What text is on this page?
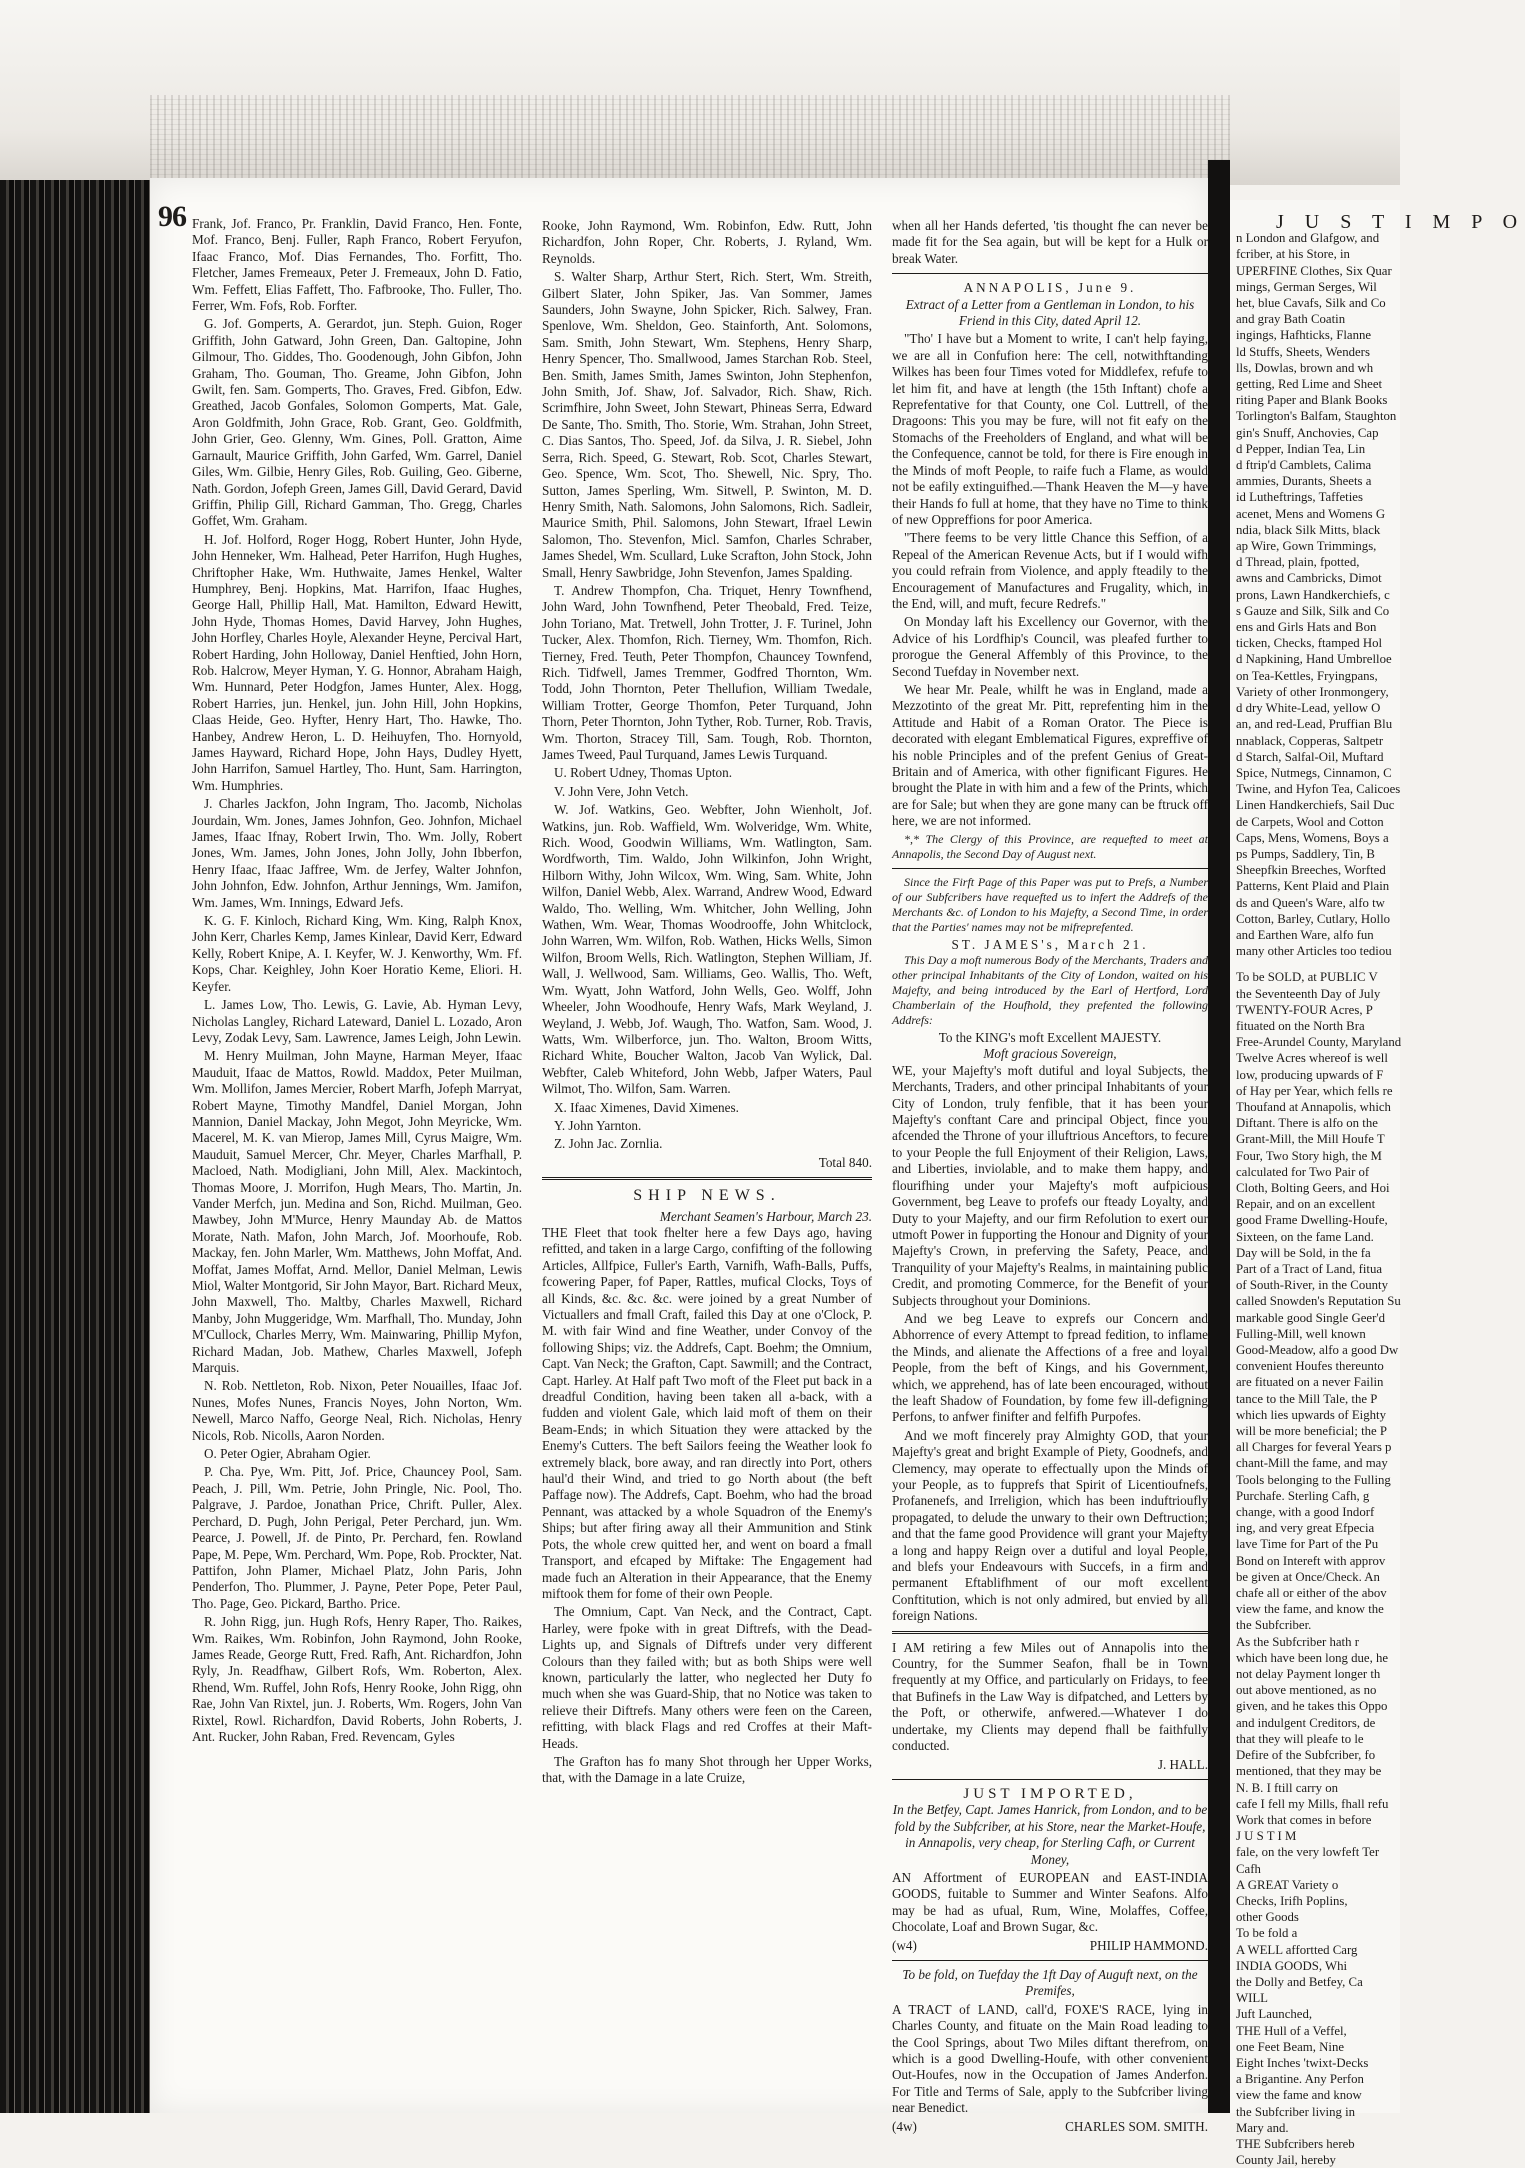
96 Frank, Jof. Franco, Pr. Franklin, David Franco, Hen. Fonte, Mof. Franco, Benj. Fuller, Raph Franco, Robert Feryufon, Ifaac Franco, Mof. Dias Fernandes, Tho. Forfitt, Tho. Fletcher, James Fremeaux, Peter J. Fremeaux, John D. Fatio, Wm. Feffett, Elias Faffett, Tho. Fafbrooke, Tho. Fuller, Tho. Ferrer, Wm. Fofs, Rob. Forfter.

G. Jof. Gomperts, A. Gerardot, jun. Steph. Guion, Roger Griffith, John Gatward, John Green, Dan. Galtopine, John Gilmour, Tho. Giddes, Tho. Goodenough, John Gibfon, John Graham, Tho. Gouman, Tho. Greame, John Gibfon, John Gwilt, fen. Sam. Gomperts, Tho. Graves, Fred. Gibfon, Edw. Greathed, Jacob Gonfales, Solomon Gomperts, Mat. Gale, Aron Goldfmith, John Grace, Rob. Grant, Geo. Goldfmith, John Grier, Geo. Glenny, Wm. Gines, Poll. Gratton, Aime Garnault, Maurice Griffith, John Garfed, Wm. Garrel, Daniel Giles, Wm. Gilbie, Henry Giles, Rob. Guiling, Geo. Giberne, Nath. Gordon, Jofeph Green, James Gill, David Gerard, David Griffin, Philip Gill, Richard Gamman, Tho. Gregg, Charles Goffet, Wm. Graham.

H. Jof. Holford, Roger Hogg, Robert Hunter, John Hyde, John Henneker, Wm. Halhead, Peter Harrifon, Hugh Hughes, Chriftopher Hake, Wm. Huthwaite, James Henkel, Walter Humphrey, Benj. Hopkins, Mat. Harrifon, Ifaac Hughes, George Hall, Phillip Hall, Mat. Hamilton, Edward Hewitt, John Hyde, Thomas Homes, David Harvey, John Hughes, John Horfley, Charles Hoyle, Alexander Heyne, Percival Hart, Robert Harding, John Holloway, Daniel Henftied, John Horn, Rob. Halcrow, Meyer Hyman, Y. G. Honnor, Abraham Haigh, Wm. Hunnard, Peter Hodgfon, James Hunter, Alex. Hogg, Robert Harries, jun. Henkel, jun. John Hill, John Hopkins, Claas Heide, Geo. Hyfter, Henry Hart, Tho. Hawke, Tho. Hanbey, Andrew Heron, L. D. Heihuyfen, Tho. Hornyold, James Hayward, Richard Hope, John Hays, Dudley Hyett, John Harrifon, Samuel Hartley, Tho. Hunt, Sam. Harrington, Wm. Humphries.

J. Charles Jackfon, John Ingram, Tho. Jacomb, Nicholas Jourdain, Wm. Jones, James Johnfon, Geo. Johnfon, Michael James, Ifaac Ifnay, Robert Irwin, Tho. Wm. Jolly, Robert Jones, Wm. James, John Jones, John Jolly, John Ibberfon, Henry Ifaac, Ifaac Jaffree, Wm. de Jerfey, Walter Johnfon, John Johnfon, Edw. Johnfon, Arthur Jennings, Wm. Jamifon, Wm. James, Wm. Innings, Edward Jefs.

K. G. F. Kinloch, Richard King, Wm. King, Ralph Knox, John Kerr, Charles Kemp, James Kinlear, David Kerr, Edward Kelly, Robert Knipe, A. I. Keyfer, W. J. Kenworthy, Wm. Ff. Kops, Char. Keighley, John Koer Horatio Keme, Eliori. H. Keyfer.

L. James Low, Tho. Lewis, G. Lavie, Ab. Hyman Levy, Nicholas Langley, Richard Lateward, Daniel L. Lozado, Aron Levy, Zodak Levy, Sam. Lawrence, James Leigh, John Lewin.

M. Henry Muilman, John Mayne, Harman Meyer, Ifaac Mauduit, Ifaac de Mattos, Rowld. Maddox, Peter Muilman, Wm. Mollifon, James Mercier, Robert Marfh, Jofeph Marryat, Robert Mayne, Timothy Mandfel, Daniel Morgan, John Mannion, Daniel Mackay, John Megot, John Meyricke, Wm. Macerel, M. K. van Mierop, James Mill, Cyrus Maigre, Wm. Mauduit, Samuel Mercer, Chr. Meyer, Charles Marfhall, P. Macloed, Nath. Modigliani, John Mill, Alex. Mackintoch, Thomas Moore, J. Morrifon, Hugh Mears, Tho. Martin, Jn. Vander Merfch, jun. Medina and Son, Richd. Muilman, Geo. Mawbey, John M'Murce, Henry Maunday Ab. de Mattos Morate, Nath. Mafon, John March, Jof. Moorhoufe, Rob. Mackay, fen. John Marler, Wm. Matthews, John Moffat, And. Moffat, James Moffat, Arnd. Mellor, Daniel Melman, Lewis Miol, Walter Montgorid, Sir John Mayor, Bart. Richard Meux, John Maxwell, Tho. Maltby, Charles Maxwell, Richard Manby, John Muggeridge, Wm. Marfhall, Tho. Munday, John M'Cullock, Charles Merry, Wm. Mainwaring, Phillip Myfon, Richard Madan, Job. Mathew, Charles Maxwell, Jofeph Marquis.

N. Rob. Nettleton, Rob. Nixon, Peter Nouailles, Ifaac Jof. Nunes, Mofes Nunes, Francis Noyes, John Norton, Wm. Newell, Marco Naffo, George Neal, Rich. Nicholas, Henry Nicols, Rob. Nicolls, Aaron Norden.

O. Peter Ogier, Abraham Ogier.

P. Cha. Pye, Wm. Pitt, Jof. Price, Chauncey Pool, Sam. Peach, J. Pill, Wm. Petrie, John Pringle, Nic. Pool, Tho. Palgrave, J. Pardoe, Jonathan Price, Chrift. Puller, Alex. Perchard, D. Pugh, John Perigal, Peter Perchard, jun. Wm. Pearce, J. Powell, Jf. de Pinto, Pr. Perchard, fen. Rowland Pape, M. Pepe, Wm. Perchard, Wm. Pope, Rob. Prockter, Nat. Pattifon, John Plamer, Michael Platz, John Paris, John Penderfon, Tho. Plummer, J. Payne, Peter Pope, Peter Paul, Tho. Page, Geo. Pickard, Bartho. Price.

R. John Rigg, jun. Hugh Rofs, Henry Raper, Tho. Raikes, Wm. Raikes, Wm. Robinfon, John Raymond, John Rooke, James Reade, George Rutt, Fred. Rafh, Ant. Richardfon, John Ryly, Jn. Readfhaw, Gilbert Rofs, Wm. Roberton, Alex. Rhend, Wm. Ruffel, John Rofs, Henry Rooke, John Rigg, ohn Rae, John Van Rixtel, jun. J. Roberts, Wm. Rogers, John Van Rixtel, Rowl. Richardfon, David Roberts, John Roberts, J. Ant. Rucker, John Raban, Fred. Revencam, Gyles

Rooke, John Raymond, Wm. Robinfon, Edw. Rutt, John Richardfon, John Roper, Chr. Roberts, J. Ryland, Wm. Reynolds.

S. Walter Sharp, Arthur Stert, Rich. Stert, Wm. Streith, Gilbert Slater, John Spiker, Jas. Van Sommer, James Saunders, John Swayne, John Spicker, Rich. Salwey, Fran. Spenlove, Wm. Sheldon, Geo. Stainforth, Ant. Solomons, Sam. Smith, John Stewart, Wm. Stephens, Henry Sharp, Henry Spencer, Tho. Smallwood, James Starchan Rob. Steel, Ben. Smith, James Smith, James Swinton, John Stephenfon, John Smith, Jof. Shaw, Jof. Salvador, Rich. Shaw, Rich. Scrimfhire, John Sweet, John Stewart, Phineas Serra, Edward De Sante, Tho. Smith, Tho. Storie, Wm. Strahan, John Street, C. Dias Santos, Tho. Speed, Jof. da Silva, J. R. Siebel, John Serra, Rich. Speed, G. Stewart, Rob. Scot, Charles Stewart, Geo. Spence, Wm. Scot, Tho. Shewell, Nic. Spry, Tho. Sutton, James Sperling, Wm. Sitwell, P. Swinton, M. D. Henry Smith, Nath. Salomons, John Salomons, Rich. Sadleir, Maurice Smith, Phil. Salomons, John Stewart, Ifrael Lewin Salomon, Tho. Stevenfon, Micl. Samfon, Charles Schraber, James Shedel, Wm. Scullard, Luke Scrafton, John Stock, John Small, Henry Sawbridge, John Stevenfon, James Spalding.

T. Andrew Thompfon, Cha. Triquet, Henry Townfhend, John Ward, John Townfhend, Peter Theobald, Fred. Teize, John Toriano, Mat. Tretwell, John Trotter, J. F. Turinel, John Tucker, Alex. Thomfon, Rich. Tierney, Wm. Thomfon, Rich. Tierney, Fred. Teuth, Peter Thompfon, Chauncey Townfend, Rich. Tidfwell, James Tremmer, Godfred Thornton, Wm. Todd, John Thornton, Peter Thellufion, William Twedale, William Trotter, George Thomfon, Peter Turquand, John Thorn, Peter Thornton, John Tyther, Rob. Turner, Rob. Travis, Wm. Thorton, Stracey Till, Sam. Tough, Rob. Thornton, James Tweed, Paul Turquand, James Lewis Turquand.

U. Robert Udney, Thomas Upton.

V. John Vere, John Vetch.

W. Jof. Watkins, Geo. Webfter, John Wienholt, Jof. Watkins, jun. Rob. Waffield, Wm. Wolveridge, Wm. White, Rich. Wood, Goodwin Williams, Wm. Watlington, Sam. Wordfworth, Tim. Waldo, John Wilkinfon, John Wright, Hilborn Withy, John Wilcox, Wm. Wing, Sam. White, John Wilfon, Daniel Webb, Alex. Warrand, Andrew Wood, Edward Waldo, Tho. Welling, Wm. Whitcher, John Welling, John Wathen, Wm. Wear, Thomas Woodrooffe, John Whitclock, John Warren, Wm. Wilfon, Rob. Wathen, Hicks Wells, Simon Wilfon, Broom Wells, Rich. Watlington, Stephen William, Jf. Wall, J. Wellwood, Sam. Williams, Geo. Wallis, Tho. Weft, Wm. Wyatt, John Watford, John Wells, Geo. Wolff, John Wheeler, John Woodhoufe, Henry Wafs, Mark Weyland, J. Weyland, J. Webb, Jof. Waugh, Tho. Watfon, Sam. Wood, J. Watts, Wm. Wilberforce, jun. Tho. Walton, Broom Witts, Richard White, Boucher Walton, Jacob Van Wylick, Dal. Webfter, Caleb Whiteford, John Webb, Jafper Waters, Paul Wilmot, Tho. Wilfon, Sam. Warren.

X. Ifaac Ximenes, David Ximenes.

Y. John Yarnton.

Z. John Jac. Zornlia.

Total 840.
SHIP NEWS.
Merchant Seamen's Harbour, March 23.

THE Fleet that took fhelter here a few Days ago, having refitted, and taken in a large Cargo, confifting of the following Articles, Allfpice, Fuller's Earth, Varnifh, Wafh-Balls, Puffs, fcowering Paper, fof Paper, Rattles, mufical Clocks, Toys of all Kinds, &c. &c. &c. were joined by a great Number of Victuallers and fmall Craft, failed this Day at one o'Clock, P. M. with fair Wind and fine Weather, under Convoy of the following Ships; viz. the Addrefs, Capt. Boehm; the Omnium, Capt. Van Neck; the Grafton, Capt. Sawmill; and the Contract, Capt. Harley. At Half paft Two moft of the Fleet put back in a dreadful Condition, having been taken all a-back, with a fudden and violent Gale, which laid moft of them on their Beam-Ends; in which Situation they were attacked by the Enemy's Cutters. The beft Sailors feeing the Weather look fo extremely black, bore away, and ran directly into Port, others haul'd their Wind, and tried to go North about (the beft Paffage now). The Addrefs, Capt. Boehm, who had the broad Pennant, was attacked by a whole Squadron of the Enemy's Ships; but after firing away all their Ammunition and Stink Pots, the whole crew quitted her, and went on board a fmall Transport, and efcaped by Miftake: The Engagement had made fuch an Alteration in their Appearance, that the Enemy miftook them for fome of their own People.

The Omnium, Capt. Van Neck, and the Contract, Capt. Harley, were fpoke with in great Diftrefs, with the Dead-Lights up, and Signals of Diftrefs under very different Colours than they failed with; but as both Ships were well known, particularly the latter, who neglected her Duty fo much when she was Guard-Ship, that no Notice was taken to relieve their Diftrefs. Many others were feen on the Careen, refitting, with black Flags and red Croffes at their Maft-Heads.

The Grafton has fo many Shot through her Upper Works, that, with the Damage in a late Cruize,

when all her Hands deferted, 'tis thought fhe can never be made fit for the Sea again, but will be kept for a Hulk or break Water.

ANNAPOLIS, June 9.

Extract of a Letter from a Gentleman in London, to his Friend in this City, dated April 12.

"Tho' I have but a Moment to write, I can't help faying, we are all in Confufion here: The cell, notwithftanding Wilkes has been four Times voted for Middlefex, refufe to let him fit, and have at length (the 15th Inftant) chofe a Reprefentative for that County, one Col. Luttrell, of the Dragoons: This you may be fure, will not fit eafy on the Stomachs of the Freeholders of England, and what will be the Confequence, cannot be told, for there is Fire enough in the Minds of moft People, to raife fuch a Flame, as would not be eafily extinguifhed.—Thank Heaven the M—y have their Hands fo full at home, that they have no Time to think of new Oppreffions for poor America.

"There feems to be very little Chance this Seffion, of a Repeal of the American Revenue Acts, but if I would wifh you could refrain from Violence, and apply fteadily to the Encouragement of Manufactures and Frugality, which, in the End, will, and muft, fecure Redrefs."

On Monday laft his Excellency our Governor, with the Advice of his Lordfhip's Council, was pleafed further to prorogue the General Affembly of this Province, to the Second Tuefday in November next.

We hear Mr. Peale, whilft he was in England, made a Mezzotinto of the great Mr. Pitt, reprefenting him in the Attitude and Habit of a Roman Orator. The Piece is decorated with elegant Emblematical Figures, expreffive of his noble Principles and of the prefent Genius of Great-Britain and of America, with other fignificant Figures. He brought the Plate in with him and a few of the Prints, which are for Sale; but when they are gone many can be ftruck off here, we are not informed.

*,* The Clergy of this Province, are requefted to meet at Annapolis, the Second Day of August next.

Since the Firft Page of this Paper was put to Prefs, a Number of our Subfcribers have requefted us to infert the Addrefs of the Merchants &c. of London to his Majefty, a Second Time, in order that the Parties' names may not be mifreprefented.

ST. JAMES's, March 21.

This Day a moft numerous Body of the Merchants, Traders and other principal Inhabitants of the City of London, waited on his Majefty, and being introduced by the Earl of Hertford, Lord Chamberlain of the Houfhold, they prefented the following Addrefs:

To the KING's moft Excellent MAJESTY.
Moft gracious Sovereign,

WE, your Majefty's moft dutiful and loyal Subjects, the Merchants, Traders, and other principal Inhabitants of your City of London, truly fenfible, that it has been your Majefty's conftant Care and principal Object, fince you afcended the Throne of your illuftrious Anceftors, to fecure to your People the full Enjoyment of their Religion, Laws, and Liberties, inviolable, and to make them happy, and flourifhing under your Majefty's moft aufpicious Government, beg Leave to profefs our fteady Loyalty, and Duty to your Majefty, and our firm Refolution to exert our utmoft Power in fupporting the Honour and Dignity of your Majefty's Crown, in preferving the Safety, Peace, and Tranquility of your Majefty's Realms, in maintaining public Credit, and promoting Commerce, for the Benefit of your Subjects throughout your Dominions.

And we beg Leave to exprefs our Concern and Abhorrence of every Attempt to fpread fedition, to inflame the Minds, and alienate the Affections of a free and loyal People, from the beft of Kings, and his Government, which, we apprehend, has of late been encouraged, without the leaft Shadow of Foundation, by fome few ill-defigning Perfons, to anfwer finifter and felfifh Purpofes.

And we moft fincerely pray Almighty GOD, that your Majefty's great and bright Example of Piety, Goodnefs, and Clemency, may operate to effectually upon the Minds of your People, as to fupprefs that Spirit of Licentioufnefs, Profanenefs, and Irreligion, which has been induftrioufly propagated, to delude the unwary to their own Deftruction; and that the fame good Providence will grant your Majefty a long and happy Reign over a dutiful and loyal People, and blefs your Endeavours with Succefs, in a firm and permanent Eftablifhment of our moft excellent Conftitution, which is not only admired, but envied by all foreign Nations.

I AM retiring a few Miles out of Annapolis into the Country, for the Summer Seafon, fhall be in Town frequently at my Office, and particularly on Fridays, to fee that Bufinefs in the Law Way is difpatched, and Letters by the Poft, or otherwife, anfwered.—Whatever I do undertake, my Clients may depend fhall be faithfully conducted.

J. HALL.
JUST IMPORTED,

In the Betfey, Capt. James Hanrick, from London, and to be fold by the Subfcriber, at his Store, near the Market-Houfe, in Annapolis, very cheap, for Sterling Cafh, or Current Money,

AN Affortment of EUROPEAN and EAST-INDIA GOODS, fuitable to Summer and Winter Seafons. Alfo may be had as ufual, Rum, Wine, Molaffes, Coffee, Chocolate, Loaf and Brown Sugar, &c.

(w4)	PHILIP HAMMOND.

To be fold, on Tuefday the 1ft Day of Auguft next, on the Premifes,

A TRACT of LAND, call'd, FOXE'S RACE, lying in Charles County, and fituate on the Main Road leading to the Cool Springs, about Two Miles diftant therefrom, on which is a good Dwelling-Houfe, with other convenient Out-Houfes, now in the Occupation of James Anderfon. For Title and Terms of Sale, apply to the Subfcriber living near Benedict.

(4w)	CHARLES SOM. SMITH.
J U S T I M P O
n London and Glafgow, and
fcriber, at his Store, in
UPERFINE Clothes, Six Quar
mings, German Serges, Wil
het, blue Cavafs, Silk and Co
and gray Bath Coatin
ingings, Hafhticks, Flanne
ld Stuffs, Sheets, Wenders
lls, Dowlas, brown and wh
getting, Red Lime and Sheet
riting Paper and Blank Books
Torlington's Balfam, Staughton
gin's Snuff, Anchovies, Cap
d Pepper, Indian Tea, Lin
d ftrip'd Camblets, Calima
ammies, Durants, Sheets a
id Lutheftrings, Taffeties
acenet, Mens and Womens G
ndia, black Silk Mitts, black
ap Wire, Gown Trimmings,
d Thread, plain, fpotted,
awns and Cambricks, Dimot
prons, Lawn Handkerchiefs, c
s Gauze and Silk, Silk and Co
ens and Girls Hats and Bon
ticken, Checks, ftamped Hol
d Napkining, Hand Umbrelloe
on Tea-Kettles, Fryingpans,
Variety of other Ironmongery,
d dry White-Lead, yellow O
an, and red-Lead, Pruffian Blu
nnablack, Copperas, Saltpetr
d Starch, Salfal-Oil, Muftard
Spice, Nutmegs, Cinnamon, C
Twine, and Hyfon Tea, Calicoes
Linen Handkerchiefs, Sail Duc
de Carpets, Wool and Cotton
Caps, Mens, Womens, Boys a
ps Pumps, Saddlery, Tin, B
Sheepfkin Breeches, Worfted
Patterns, Kent Plaid and Plain
ds and Queen's Ware, alfo tw
Cotton, Barley, Cutlary, Hollo
and Earthen Ware, alfo fun
many other Articles too tediou
To be SOLD, at PUBLIC V
the Seventeenth Day of July
TWENTY-FOUR Acres, P
fituated on the North Bra
Free-Arundel County, Maryland
Twelve Acres whereof is well
low, producing upwards of F
of Hay per Year, which fells re
Thoufand at Annapolis, which
Diftant. There is alfo on the
Grant-Mill, the Mill Houfe T
Four, Two Story high, the M
calculated for Two Pair of
Cloth, Bolting Geers, and Hoi
Repair, and on an excellent
good Frame Dwelling-Houfe,
Sixteen, on the fame Land.
Day will be Sold, in the fa
Part of a Tract of Land, fitua
of South-River, in the County
called Snowden's Reputation Su
markable good Single Geer'd
Fulling-Mill, well known
Good-Meadow, alfo a good Dw
convenient Houfes thereunto
are fituated on a never Failin
tance to the Mill Tale, the P
which lies upwards of Eighty
will be more beneficial; the P
all Charges for feveral Years p
chant-Mill the fame, and may
Tools belonging to the Fulling
Purchafe. Sterling Cafh, g
change, with a good Indorf
ing, and very great Efpecia
lave Time for Part of the Pu
Bond on Intereft with approv
be given at Once/Check. An
chafe all or either of the abov
view the fame, and know the
the Subfcriber.
As the Subfcriber hath r
which have been long due, he
not delay Payment longer th
out above mentioned, as no
given, and he takes this Oppo
and indulgent Creditors, de
that they will pleafe to le
Defire of the Subfcriber, fo
mentioned, that they may be
N. B. I ftill carry on
cafe I fell my Mills, fhall refu
Work that comes in before
J U S T I M
fale, on the very lowfeft Ter
Cafh
A GREAT Variety o
Checks, Irifh Poplins,
other Goods
To be fold a
A WELL affortted Carg
INDIA GOODS, Whi
the Dolly and Betfey, Ca
WILL
Juft Launched,
THE Hull of a Veffel,
one Feet Beam, Nine
Eight Inches 'twixt-Decks
a Brigantine. Any Perfon
view the fame and know
the Subfcriber living in
Mary and.
THE Subfcribers hereb
County Jail, hereby
